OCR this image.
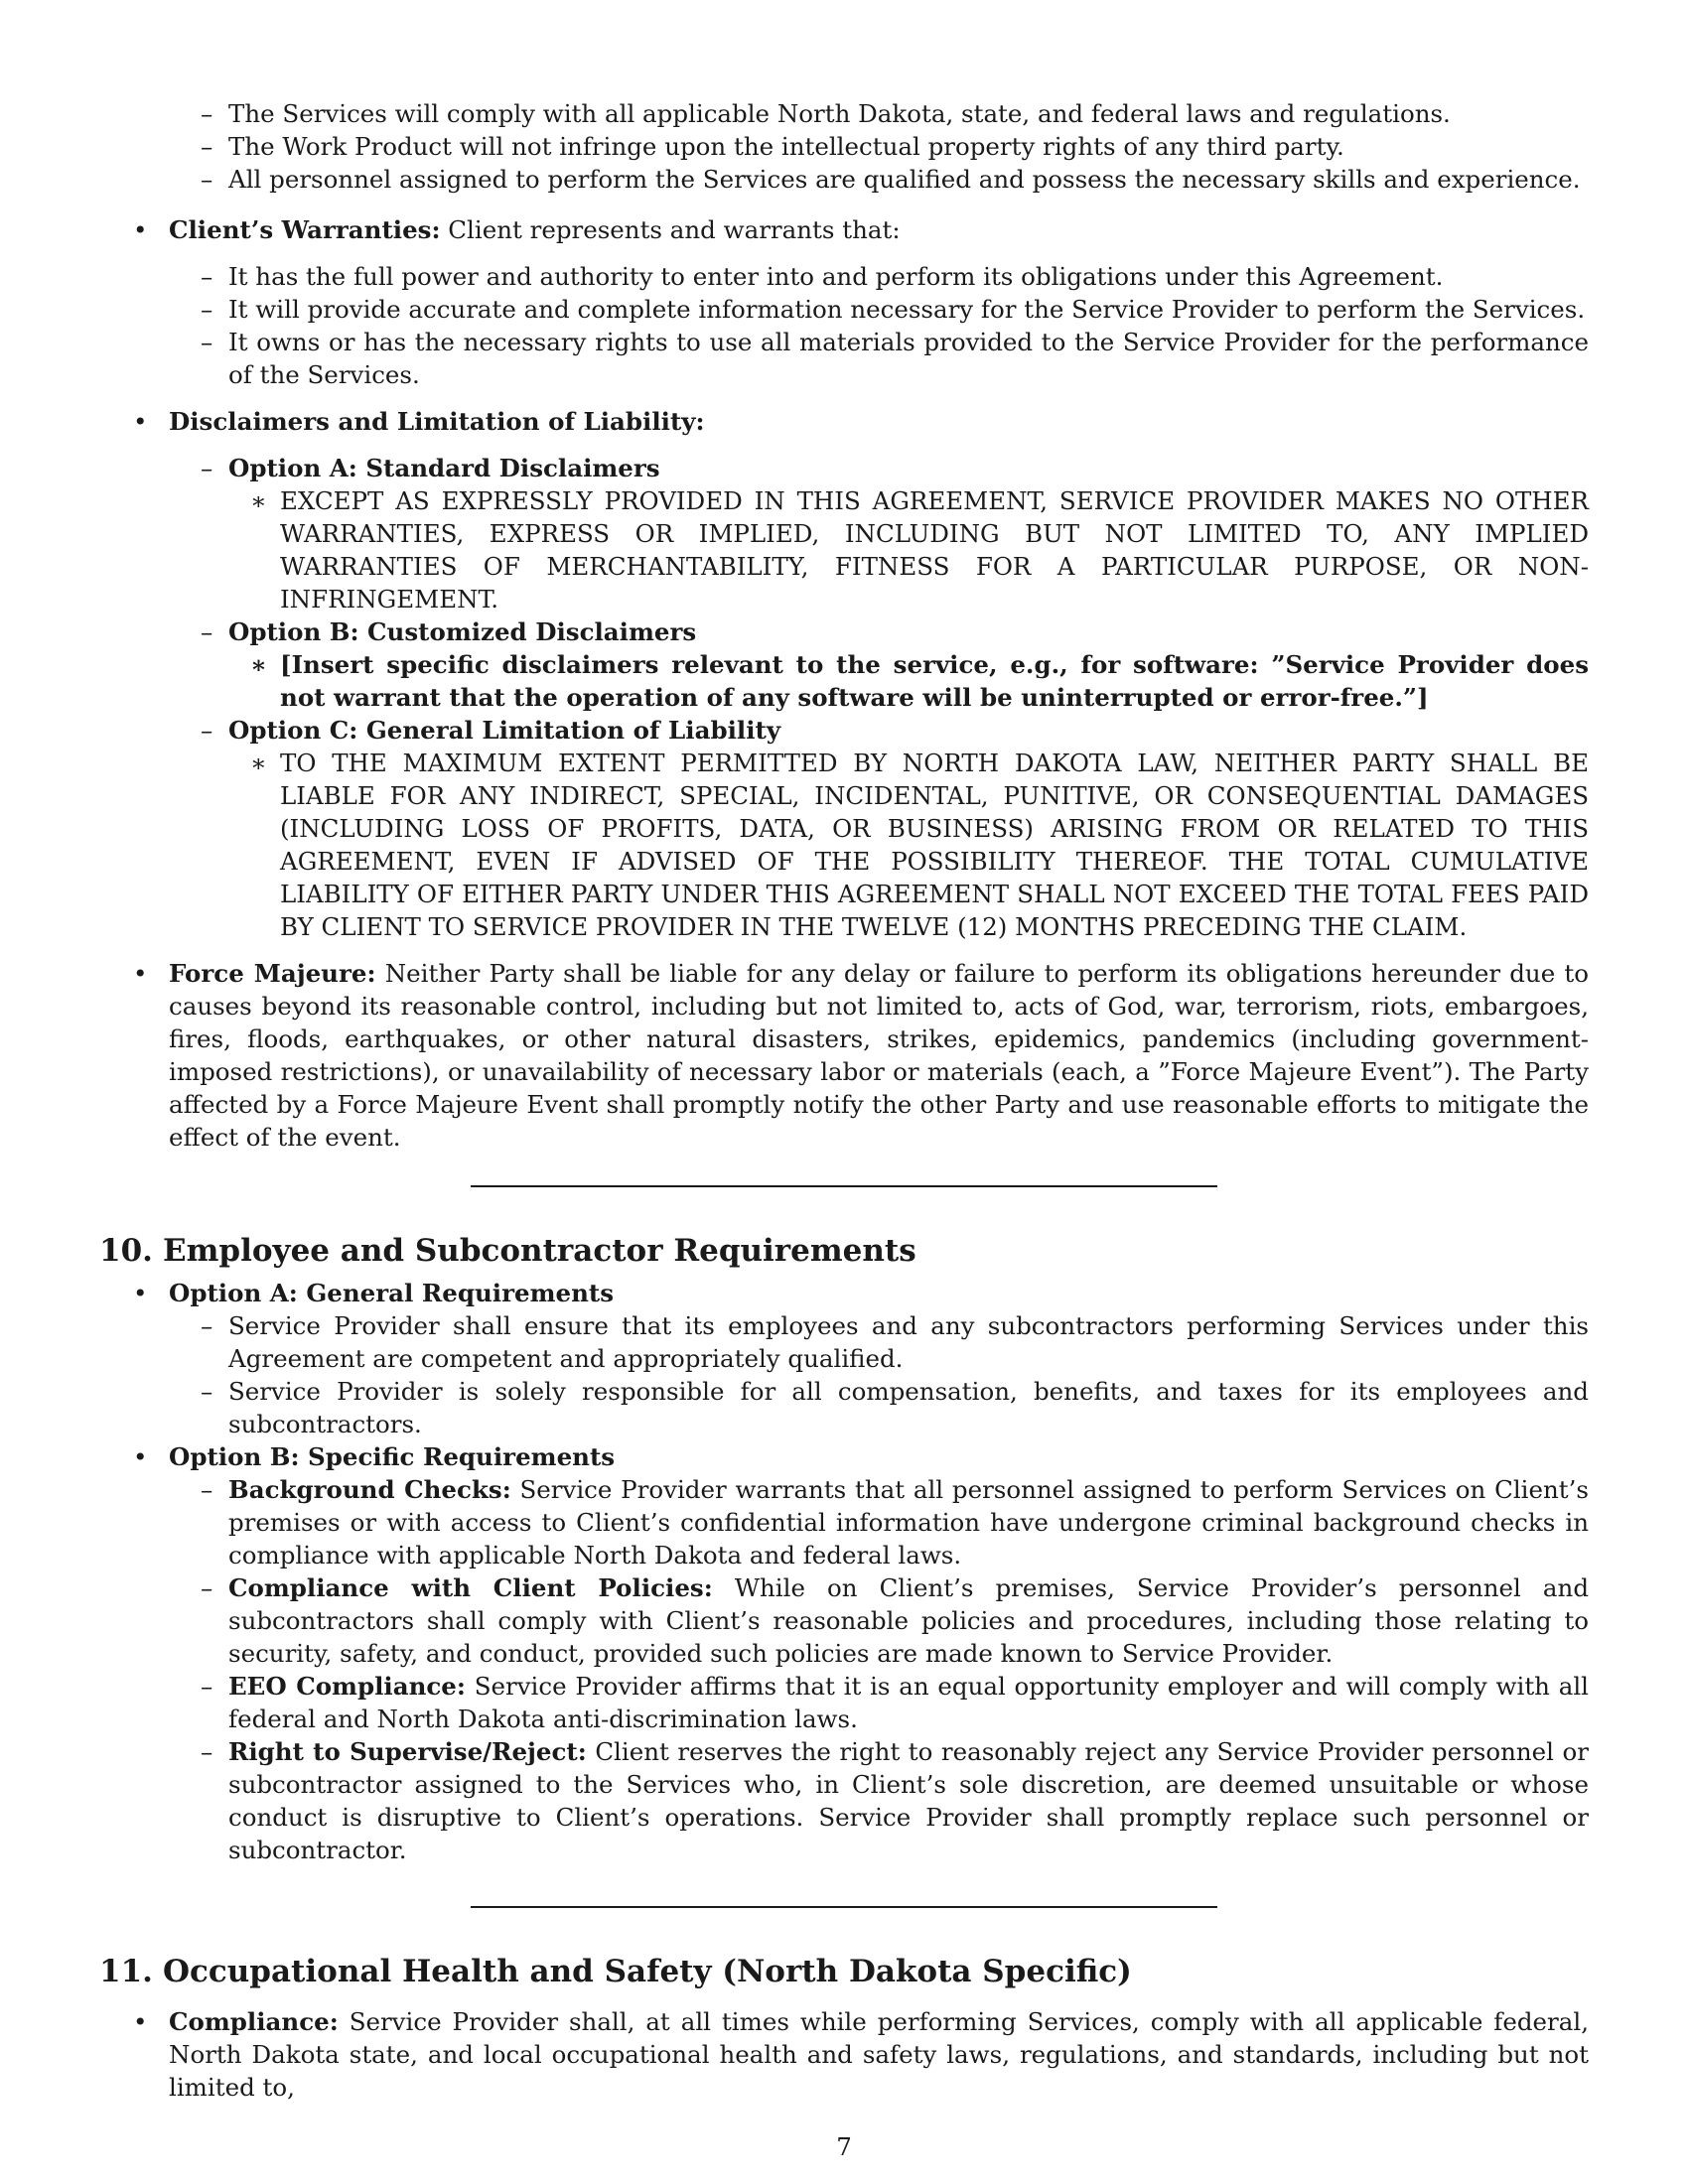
– The Services will comply with all applicable North Dakota, state, and federal laws and regulations.
– The Work Product will not infringe upon the intellectual property rights of any third party.
– All personnel assigned to perform the Services are qualified and possess the necessary skills and experience.
• Client’s Warranties: Client represents and warrants that:
– It has the full power and authority to enter into and perform its obligations under this Agreement.
– It will provide accurate and complete information necessary for the Service Provider to perform the Services.
– It owns or has the necessary rights to use all materials provided to the Service Provider for the performance of the Services.
• Disclaimers and Limitation of Liability:
– Option A: Standard Disclaimers
∗ EXCEPT AS EXPRESSLY PROVIDED IN THIS AGREEMENT, SERVICE PROVIDER MAKES NO OTHER WARRANTIES, EXPRESS OR IMPLIED, INCLUDING BUT NOT LIMITED TO, ANY IMPLIED WARRANTIES OF MERCHANTABILITY, FITNESS FOR A PARTICULAR PURPOSE, OR NON-INFRINGEMENT.
– Option B: Customized Disclaimers
∗ [Insert specific disclaimers relevant to the service, e.g., for software: ”Service Provider does not warrant that the operation of any software will be uninterrupted or error-free.”]
– Option C: General Limitation of Liability
∗ TO THE MAXIMUM EXTENT PERMITTED BY NORTH DAKOTA LAW, NEITHER PARTY SHALL BE LIABLE FOR ANY INDIRECT, SPECIAL, INCIDENTAL, PUNITIVE, OR CONSEQUENTIAL DAMAGES (INCLUDING LOSS OF PROFITS, DATA, OR BUSINESS) ARISING FROM OR RELATED TO THIS AGREEMENT, EVEN IF ADVISED OF THE POSSIBILITY THEREOF. THE TOTAL CUMULATIVE LIABILITY OF EITHER PARTY UNDER THIS AGREEMENT SHALL NOT EXCEED THE TOTAL FEES PAID BY CLIENT TO SERVICE PROVIDER IN THE TWELVE (12) MONTHS PRECEDING THE CLAIM.
• Force Majeure: Neither Party shall be liable for any delay or failure to perform its obligations hereunder due to causes beyond its reasonable control, including but not limited to, acts of God, war, terrorism, riots, embargoes, fires, floods, earthquakes, or other natural disasters, strikes, epidemics, pandemics (including government-imposed restrictions), or unavailability of necessary labor or materials (each, a ”Force Majeure Event”). The Party affected by a Force Majeure Event shall promptly notify the other Party and use reasonable efforts to mitigate the effect of the event.
10. Employee and Subcontractor Requirements
• Option A: General Requirements
– Service Provider shall ensure that its employees and any subcontractors performing Services under this Agreement are competent and appropriately qualified.
– Service Provider is solely responsible for all compensation, benefits, and taxes for its employees and subcontractors.
• Option B: Specific Requirements
– Background Checks: Service Provider warrants that all personnel assigned to perform Services on Client’s premises or with access to Client’s confidential information have undergone criminal background checks in compliance with applicable North Dakota and federal laws.
– Compliance with Client Policies: While on Client’s premises, Service Provider’s personnel and subcontractors shall comply with Client’s reasonable policies and procedures, including those relating to security, safety, and conduct, provided such policies are made known to Service Provider.
– EEO Compliance: Service Provider affirms that it is an equal opportunity employer and will comply with all federal and North Dakota anti-discrimination laws.
– Right to Supervise/Reject: Client reserves the right to reasonably reject any Service Provider personnel or subcontractor assigned to the Services who, in Client’s sole discretion, are deemed unsuitable or whose conduct is disruptive to Client’s operations. Service Provider shall promptly replace such personnel or subcontractor.
11. Occupational Health and Safety (North Dakota Specific)
• Compliance: Service Provider shall, at all times while performing Services, comply with all applicable federal, North Dakota state, and local occupational health and safety laws, regulations, and standards, including but not limited to,
7
